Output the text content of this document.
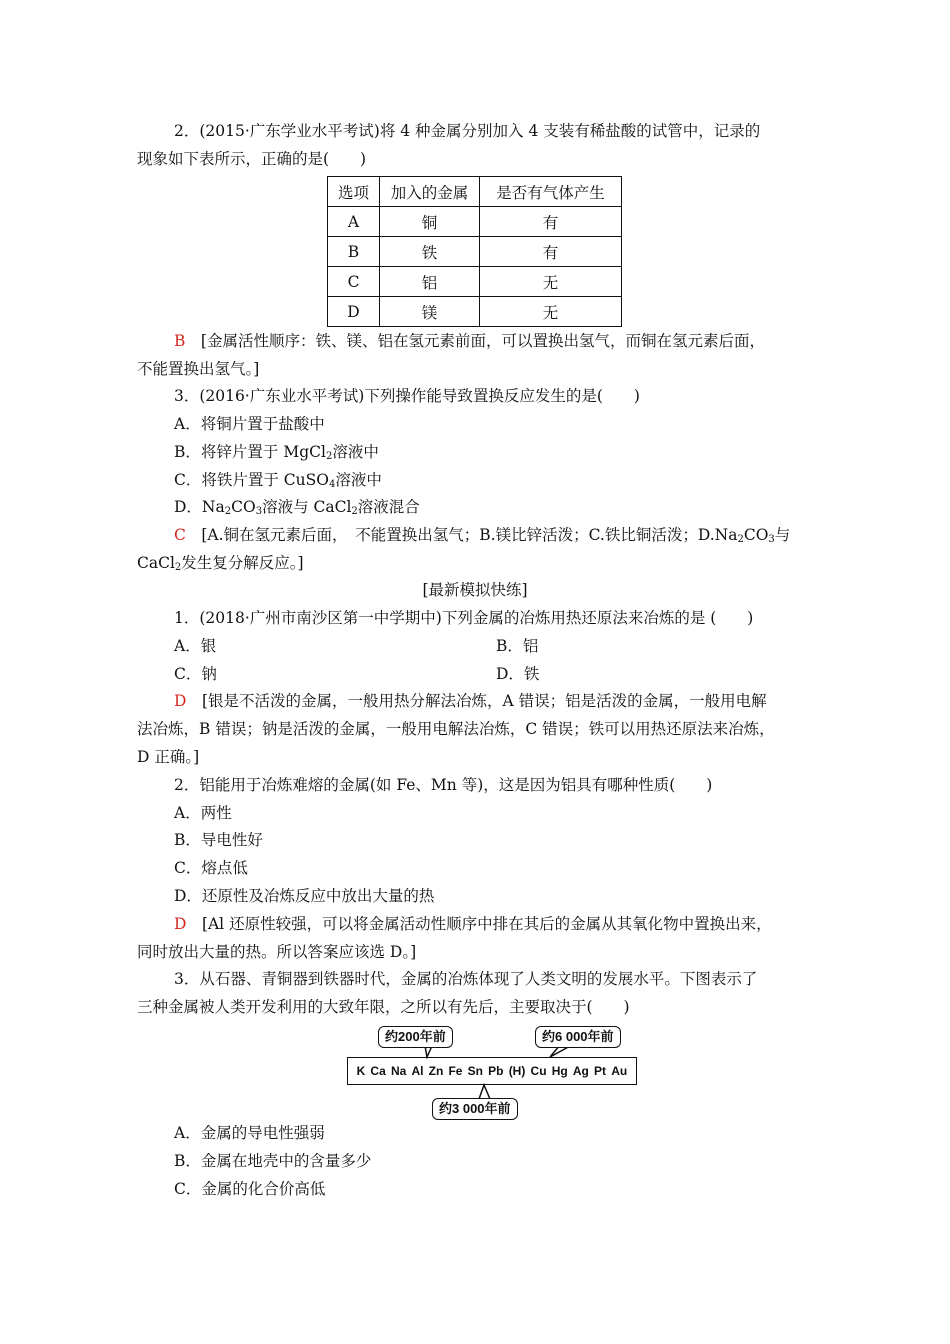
2．(2015·广东学业水平考试)将 4 种金属分别加入 4 支装有稀盐酸的试管中，记录的
现象如下表所示，正确的是(　　)
选项	加入的金属	是否有气体产生
A	铜	有
B	铁	有
C	铝	无
D	镁	无
B　[金属活性顺序：铁、镁、铝在氢元素前面，可以置换出氢气，而铜在氢元素后面，
不能置换出氢气。]
3．(2016·广东业水平考试)下列操作能导致置换反应发生的是(　　)
A．将铜片置于盐酸中
B．将锌片置于 MgCl$_2$溶液中
C．将铁片置于 CuSO$_4$溶液中
D．$Na_2CO_3$溶液与 CaCl$_2$溶液混合
C　[A.铜在氢元素后面，　不能置换出氢气；B.镁比锌活泼；C.铁比铜活泼；$D.Na_2CO_3$与
CaCl$_2$发生复分解反应。]
[最新模拟快练]
1．(2018·广州市南沙区第一中学期中)下列金属的冶炼用热还原法来冶炼的是 (　　)
A．银	B．铝
C．钠	D．铁
D　[银是不活泼的金属，一般用热分解法冶炼，A 错误；铝是活泼的金属，一般用电解
法冶炼，B 错误；钠是活泼的金属，一般用电解法冶炼，C 错误；铁可以用热还原法来冶炼，
D 正确。]
2．铝能用于冶炼难熔的金属(如 Fe、Mn 等)，这是因为铝具有哪种性质(　　)
A．两性
B．导电性好
C．熔点低
D．还原性及冶炼反应中放出大量的热
D　[Al 还原性较强，可以将金属活动性顺序中排在其后的金属从其氧化物中置换出来，
同时放出大量的热。所以答案应该选 D。]
3．从石器、青铜器到铁器时代，金属的冶炼体现了人类文明的发展水平。下图表示了
三种金属被人类开发利用的大致年限，之所以有先后，主要取决于(　　)
约200年前	约6 000年前
K Ca Na Al Zn Fe Sn Pb (H) Cu Hg Ag Pt Au
约3 000年前
A．金属的导电性强弱
B．金属在地壳中的含量多少
C．金属的化合价高低
